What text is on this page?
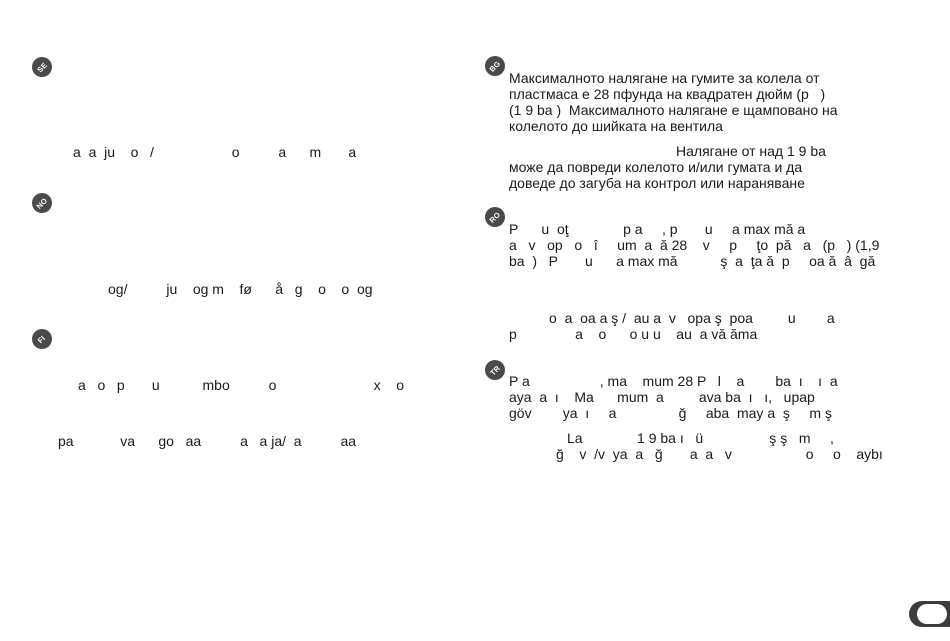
SE
a  a  ju    o   /                    o          a      m       a
NO
og/          ju    og m    fø      å   g    o    o  og
FI
a   o   p       u           mbo          o                         x    o
pa            va      go   aa          a   a ja/  a          aa
BG
Максималното налягане на гумите за колела от
пластмаса е 28 пфунда на квадратен дюйм (p   )
(1 9 ba )  Максималното налягане е щамповано на
колелото до шийката на вентила
Налягане от над 1 9 ba
може да повреди колелото и/или гумата и да
доведе до загуба на контрол или нараняване
RO
P      u  oţ              p a     , p       u     a max mă a
a   v   op   o   î     um  a  ă 28    v     p     ţo  pă   a   (p   ) (1,9
ba  )   P       u      a max mă           ş  a  ţa ă  p     oa ă  â  gă
o  a  oa a ş /  au a  v   opa ş  poa         u        a
p               a    o      o u u    au  a vă ăma
TR
P a                  , ma    mum 28 P   l    a        ba  ı    ı  a
aya  a  ı    Ma      mum  a         ava ba  ı   ı,   upap
göv        ya  ı     a                ğ     aba  may a  ş     m ş
La              1 9 ba ı   ü                 ş ş   m     ,
ğ    v  /v  ya  a   ğ       a  a   v                   o     o    aybı
